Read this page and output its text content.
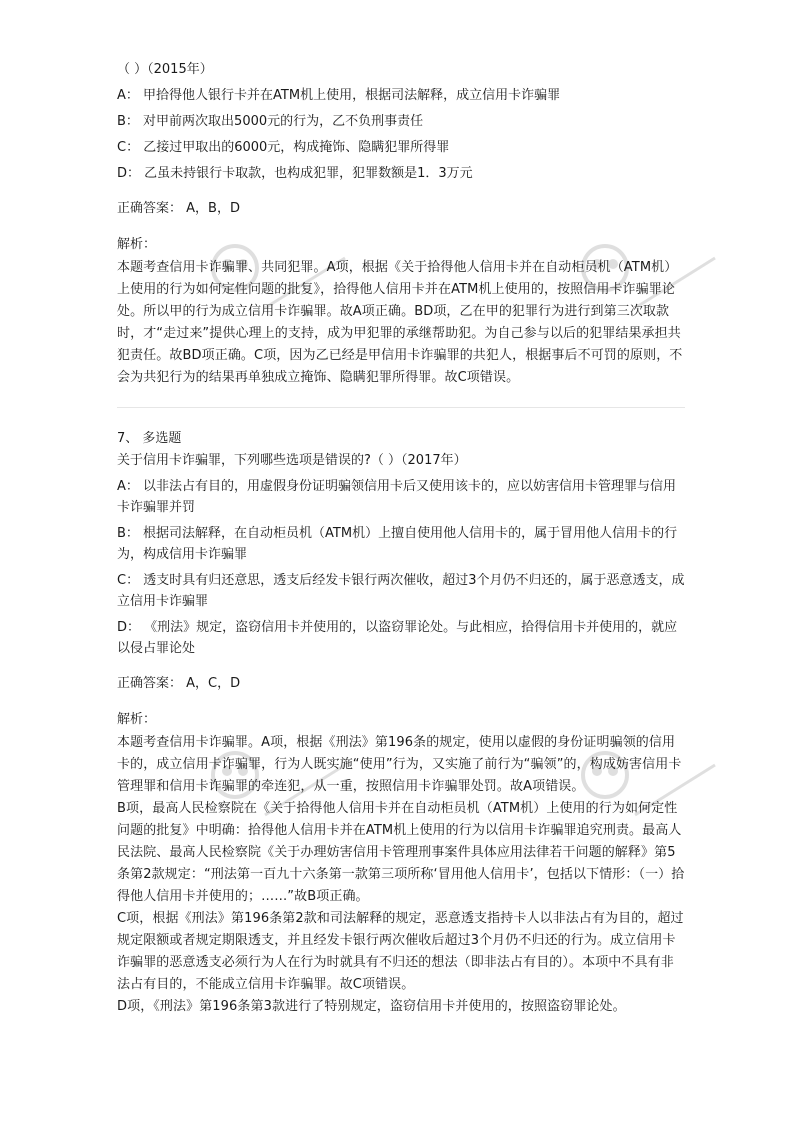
（ ）（2015年）
A： 甲拾得他人银行卡并在ATM机上使用，根据司法解释，成立信用卡诈骗罪
B： 对甲前两次取出5000元的行为，乙不负刑事责任
C： 乙接过甲取出的6000元，构成掩饰、隐瞒犯罪所得罪
D： 乙虽未持银行卡取款，也构成犯罪，犯罪数额是1．3万元
正确答案： A，B，D
解析：
本题考查信用卡诈骗罪、共同犯罪。A项，根据《关于拾得他人信用卡并在自动柜员机（ATM机）上使用的行为如何定性问题的批复》，拾得他人信用卡并在ATM机上使用的，按照信用卡诈骗罪论处。所以甲的行为成立信用卡诈骗罪。故A项正确。BD项，乙在甲的犯罪行为进行到第三次取款时，才“走过来”提供心理上的支持，成为甲犯罪的承继帮助犯。为自己参与以后的犯罪结果承担共犯责任。故BD项正确。C项，因为乙已经是甲信用卡诈骗罪的共犯人，根据事后不可罚的原则，不会为共犯行为的结果再单独成立掩饰、隐瞒犯罪所得罪。故C项错误。
7、 多选题
关于信用卡诈骗罪，下列哪些选项是错误的?（ ）（2017年）
A： 以非法占有目的，用虚假身份证明骗领信用卡后又使用该卡的，应以妨害信用卡管理罪与信用卡诈骗罪并罚
B： 根据司法解释，在自动柜员机（ATM机）上擅自使用他人信用卡的，属于冒用他人信用卡的行为，构成信用卡诈骗罪
C： 透支时具有归还意思，透支后经发卡银行两次催收，超过3个月仍不归还的，属于恶意透支，成立信用卡诈骗罪
D： 《刑法》规定，盗窃信用卡并使用的，以盗窃罪论处。与此相应，拾得信用卡并使用的，就应以侵占罪论处
正确答案： A，C，D
解析：
本题考查信用卡诈骗罪。A项，根据《刑法》第196条的规定，使用以虚假的身份证明骗领的信用卡的，成立信用卡诈骗罪，行为人既实施“使用”行为，又实施了前行为“骗领”的，构成妨害信用卡管理罪和信用卡诈骗罪的牵连犯，从一重，按照信用卡诈骗罪处罚。故A项错误。
B项，最高人民检察院在《关于拾得他人信用卡并在自动柜员机（ATM机）上使用的行为如何定性问题的批复》中明确：拾得他人信用卡并在ATM机上使用的行为以信用卡诈骗罪追究刑责。最高人民法院、最高人民检察院《关于办理妨害信用卡管理刑事案件具体应用法律若干问题的解释》第5条第2款规定：“刑法第一百九十六条第一款第三项所称‘冒用他人信用卡’，包括以下情形：（一）拾得他人信用卡并使用的；……”故B项正确。
C项，根据《刑法》第196条第2款和司法解释的规定，恶意透支指持卡人以非法占有为目的，超过规定限额或者规定期限透支，并且经发卡银行两次催收后超过3个月仍不归还的行为。成立信用卡诈骗罪的恶意透支必须行为人在行为时就具有不归还的想法（即非法占有目的）。本项中不具有非法占有目的，不能成立信用卡诈骗罪。故C项错误。
D项，《刑法》第196条第3款进行了特别规定，盗窃信用卡并使用的，按照盗窃罪论处。
